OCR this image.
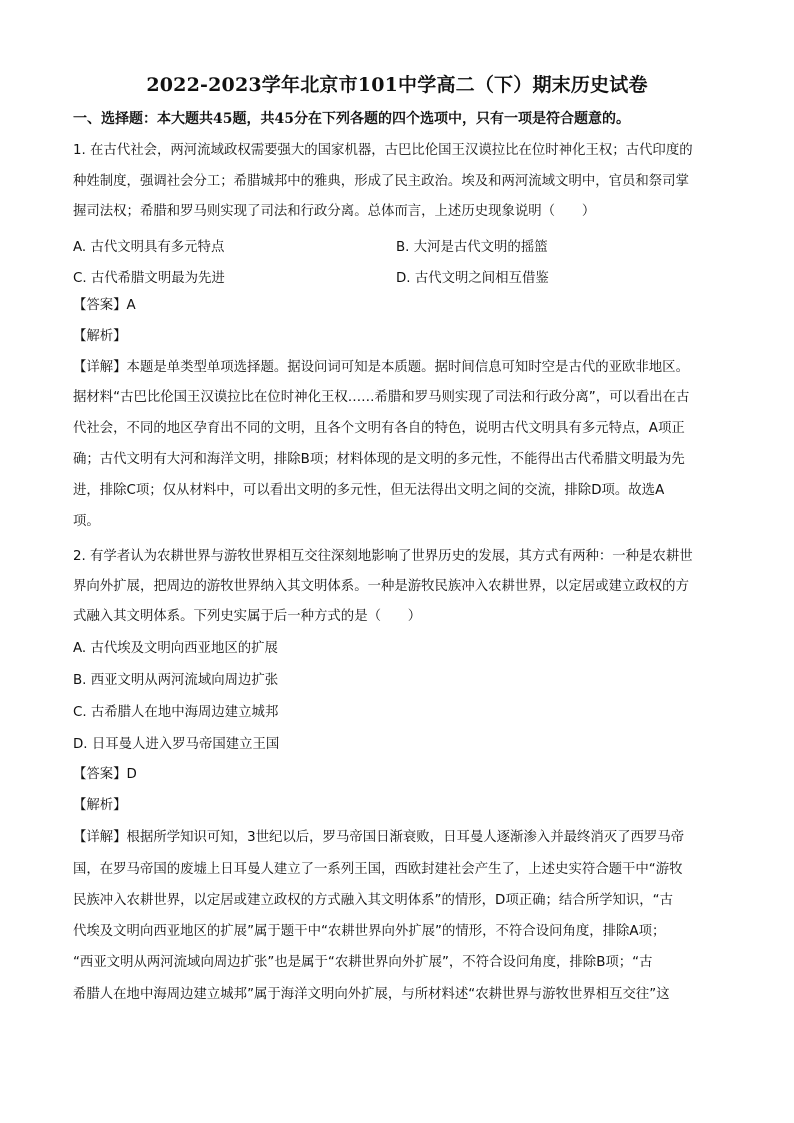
2022-2023学年北京市101中学高二（下）期末历史试卷
一、选择题：本大题共45题，共45分在下列各题的四个选项中，只有一项是符合题意的。
1. 在古代社会，两河流域政权需要强大的国家机器，古巴比伦国王汉谟拉比在位时神化王权；古代印度的
种姓制度，强调社会分工；希腊城邦中的雅典，形成了民主政治。埃及和两河流域文明中，官员和祭司掌
握司法权；希腊和罗马则实现了司法和行政分离。总体而言，上述历史现象说明（　　）
A. 古代文明具有多元特点	B. 大河是古代文明的摇篮
C. 古代希腊文明最为先进	D. 古代文明之间相互借鉴
【答案】A
【解析】
【详解】本题是单类型单项选择题。据设问词可知是本质题。据时间信息可知时空是古代的亚欧非地区。
据材料“古巴比伦国王汉谟拉比在位时神化王权……希腊和罗马则实现了司法和行政分离”，可以看出在古
代社会，不同的地区孕育出不同的文明，且各个文明有各自的特色，说明古代文明具有多元特点，A项正
确；古代文明有大河和海洋文明，排除B项；材料体现的是文明的多元性，不能得出古代希腊文明最为先
进，排除C项；仅从材料中，可以看出文明的多元性，但无法得出文明之间的交流，排除D项。故选A
项。
2. 有学者认为农耕世界与游牧世界相互交往深刻地影响了世界历史的发展，其方式有两种：一种是农耕世
界向外扩展，把周边的游牧世界纳入其文明体系。一种是游牧民族冲入农耕世界，以定居或建立政权的方
式融入其文明体系。下列史实属于后一种方式的是（　　）
A. 古代埃及文明向西亚地区的扩展
B. 西亚文明从两河流域向周边扩张
C. 古希腊人在地中海周边建立城邦
D. 日耳曼人进入罗马帝国建立王国
【答案】D
【解析】
【详解】根据所学知识可知，3世纪以后，罗马帝国日渐衰败，日耳曼人逐渐渗入并最终消灭了西罗马帝
国，在罗马帝国的废墟上日耳曼人建立了一系列王国，西欧封建社会产生了，上述史实符合题干中“游牧
民族冲入农耕世界，以定居或建立政权的方式融入其文明体系”的情形，D项正确；结合所学知识，“古
代埃及文明向西亚地区的扩展”属于题干中“农耕世界向外扩展”的情形，不符合设问角度，排除A项；
“西亚文明从两河流域向周边扩张”也是属于“农耕世界向外扩展”，不符合设问角度，排除B项；“古
希腊人在地中海周边建立城邦”属于海洋文明向外扩展，与所材料述“农耕世界与游牧世界相互交往”这
